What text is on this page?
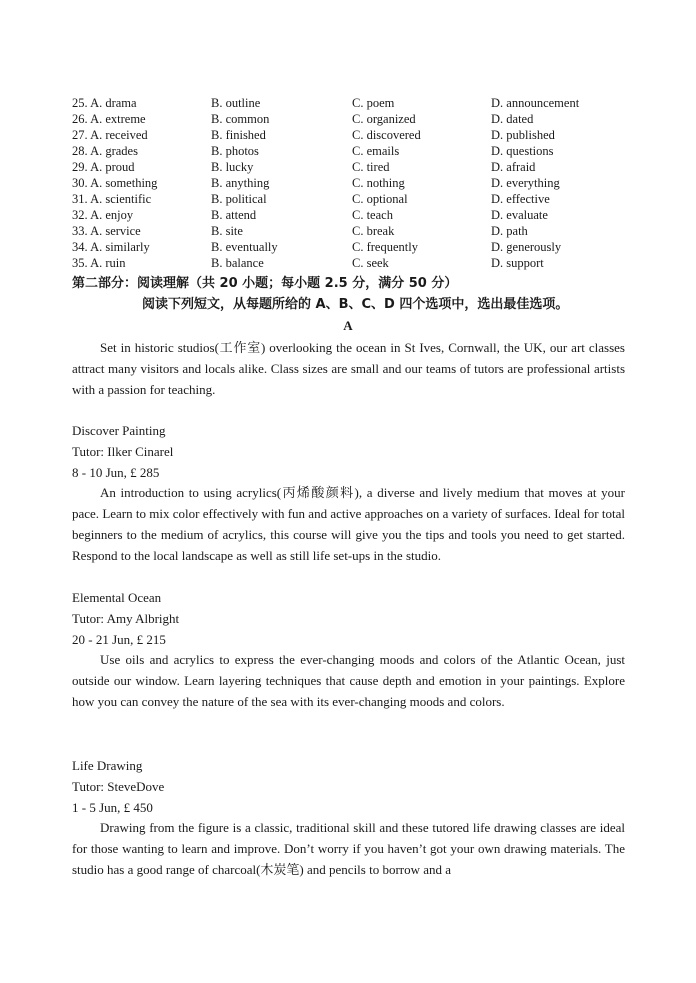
25. A. drama	B. outline	C. poem	D. announcement
26. A. extreme	B. common	C. organized	D. dated
27. A. received	B. finished	C. discovered	D. published
28. A. grades	B. photos	C. emails	D. questions
29. A. proud	B. lucky	C. tired	D. afraid
30. A. something	B. anything	C. nothing	D. everything
31. A. scientific	B. political	C. optional	D. effective
32. A. enjoy	B. attend	C. teach	D. evaluate
33. A. service	B. site	C. break	D. path
34. A. similarly	B. eventually	C. frequently	D. generously
35. A. ruin	B. balance	C. seek	D. support
第二部分：阅读理解（共 20 小题；每小题 2.5 分，满分 50 分）
阅读下列短文，从每题所给的 A、B、C、D 四个选项中，选出最佳选项。
A

Set in historic studios(工作室) overlooking the ocean in St Ives, Cornwall, the UK, our art classes attract many visitors and locals alike. Class sizes are small and our teams of tutors are professional artists with a passion for teaching.

Discover Painting

Tutor: Ilker Cinarel

8 - 10 Jun, £ 285

An introduction to using acrylics(丙烯酸颜料), a diverse and lively medium that moves at your pace. Learn to mix color effectively with fun and active approaches on a variety of surfaces. Ideal for total beginners to the medium of acrylics, this course will give you the tips and tools you need to get started. Respond to the local landscape as well as still life set-ups in the studio.

Elemental Ocean

Tutor: Amy Albright

20 - 21 Jun, £ 215

Use oils and acrylics to express the ever-changing moods and colors of the Atlantic Ocean, just outside our window. Learn layering techniques that cause depth and emotion in your paintings. Explore how you can convey the nature of the sea with its ever-changing moods and colors.

Life Drawing

Tutor: SteveDove

1 - 5 Jun, £ 450

Drawing from the figure is a classic, traditional skill and these tutored life drawing classes are ideal for those wanting to learn and improve. Don’t worry if you haven’t got your own drawing materials. The studio has a good range of charcoal(木炭笔) and pencils to borrow and a
